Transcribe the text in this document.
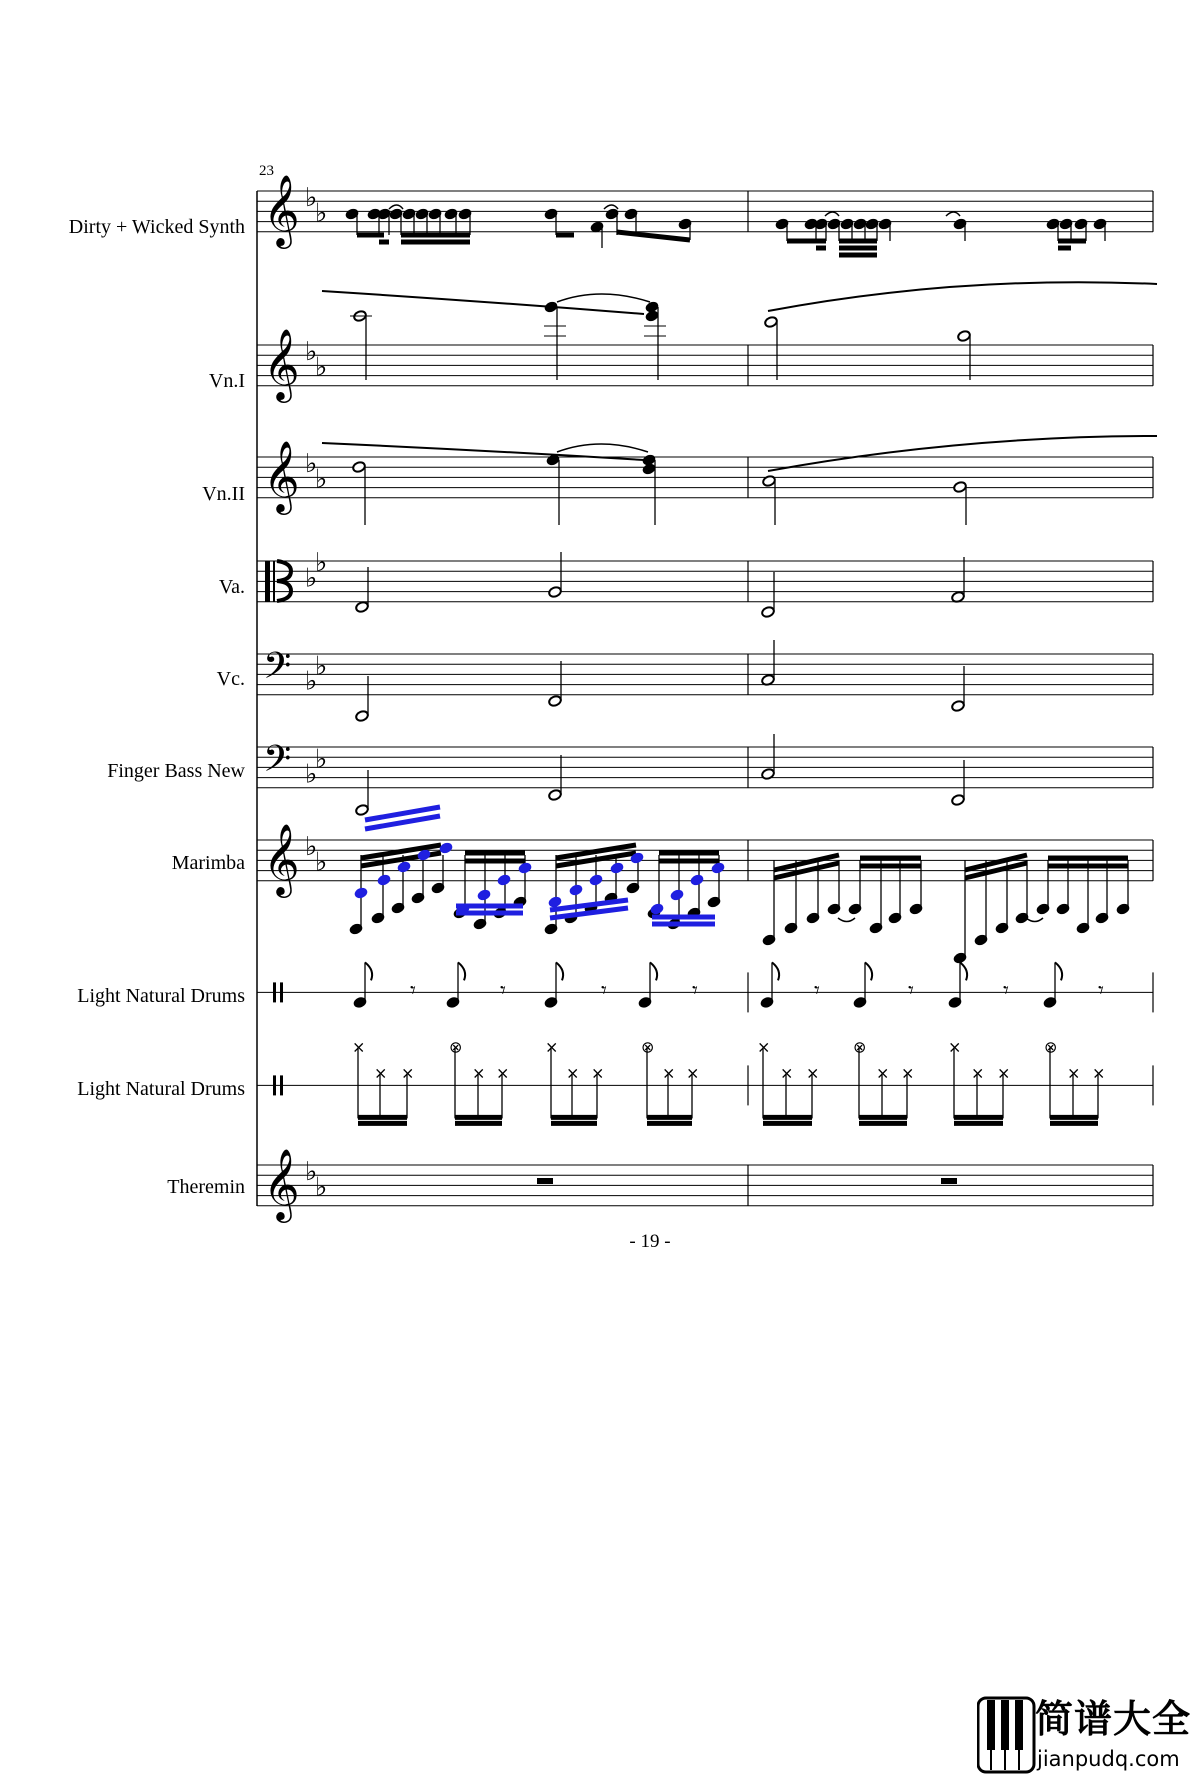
𝄞 ♭
♭
𝄞 ♭
♭
𝄞 ♭
♭
♭
♭
𝄢 ♭
♭
𝄢 ♭
♭
𝄞 ♭
♭
𝄞 ♭
♭
𝄾	𝄾	𝄾	𝄾	𝄾	𝄾	𝄾	𝄾
×
× ×
⊗
× ×
×
× ×
⊗
× ×
×
× ×
⊗
× ×
×
× ×
⊗
× ×
23
Dirty + Wicked Synth
Vn.I
Vn.II
Va.
Vc.
Finger Bass New
Marimba
Light Natural Drums
Light Natural Drums
Theremin
- 19 -
简谱大全
jianpudq.com
